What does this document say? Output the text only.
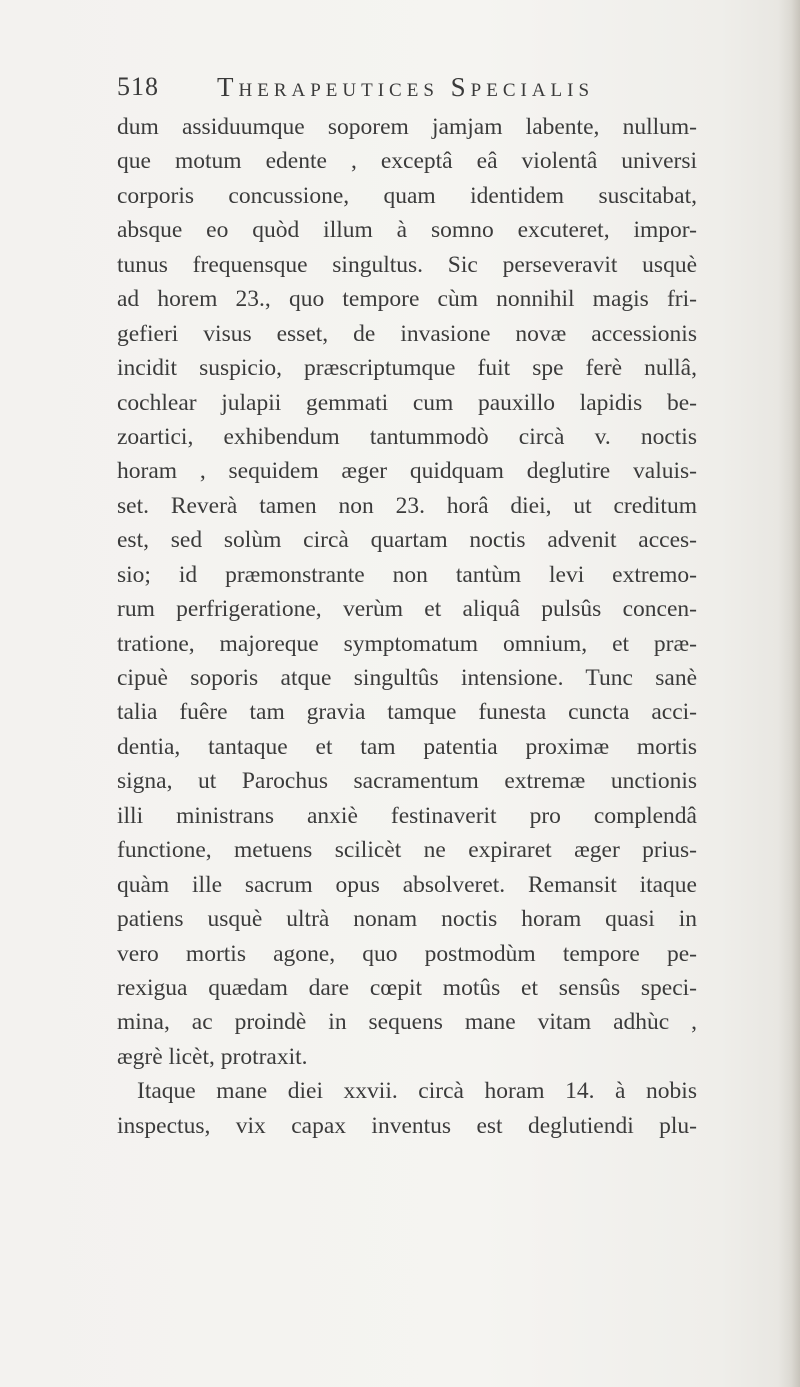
518 Therapeutices Specialis
dum assiduumque soporem jamjam labente, nullum-
que motum edente , exceptâ eâ violentâ universi
corporis concussione, quam identidem suscitabat,
absque eo quòd illum à somno excuteret, impor-
tunus frequensque singultus. Sic perseveravit usquè
ad horem 23., quo tempore cùm nonnihil magis fri-
gefieri visus esset, de invasione novæ accessionis
incidit suspicio, præscriptumque fuit spe ferè nullâ,
cochlear julapii gemmati cum pauxillo lapidis be-
zoartici, exhibendum tantummodò circà v. noctis
horam , sequidem æger quidquam deglutire valuis-
set. Reverà tamen non 23. horâ diei, ut creditum
est, sed solùm circà quartam noctis advenit acces-
sio; id præmonstrante non tantùm levi extremo-
rum perfrigeratione, verùm et aliquâ pulsûs concen-
tratione, majoreque symptomatum omnium, et præ-
cipuè soporis atque singultûs intensione. Tunc sanè
talia fuêre tam gravia tamque funesta cuncta acci-
dentia, tantaque et tam patentia proximæ mortis
signa, ut Parochus sacramentum extremæ unctionis
illi ministrans anxiè festinaverit pro complendâ
functione, metuens scilicèt ne expiraret æger prius-
quàm ille sacrum opus absolveret. Remansit itaque
patiens usquè ultrà nonam noctis horam quasi in
vero mortis agone, quo postmodùm tempore pe-
rexigua quædam dare cœpit motûs et sensûs speci-
mina, ac proindè in sequens mane vitam adhùc ,
ægrè licèt, protraxit.
Itaque mane diei xxvii. circà horam 14. à nobis
inspectus, vix capax inventus est deglutiendi plu-
